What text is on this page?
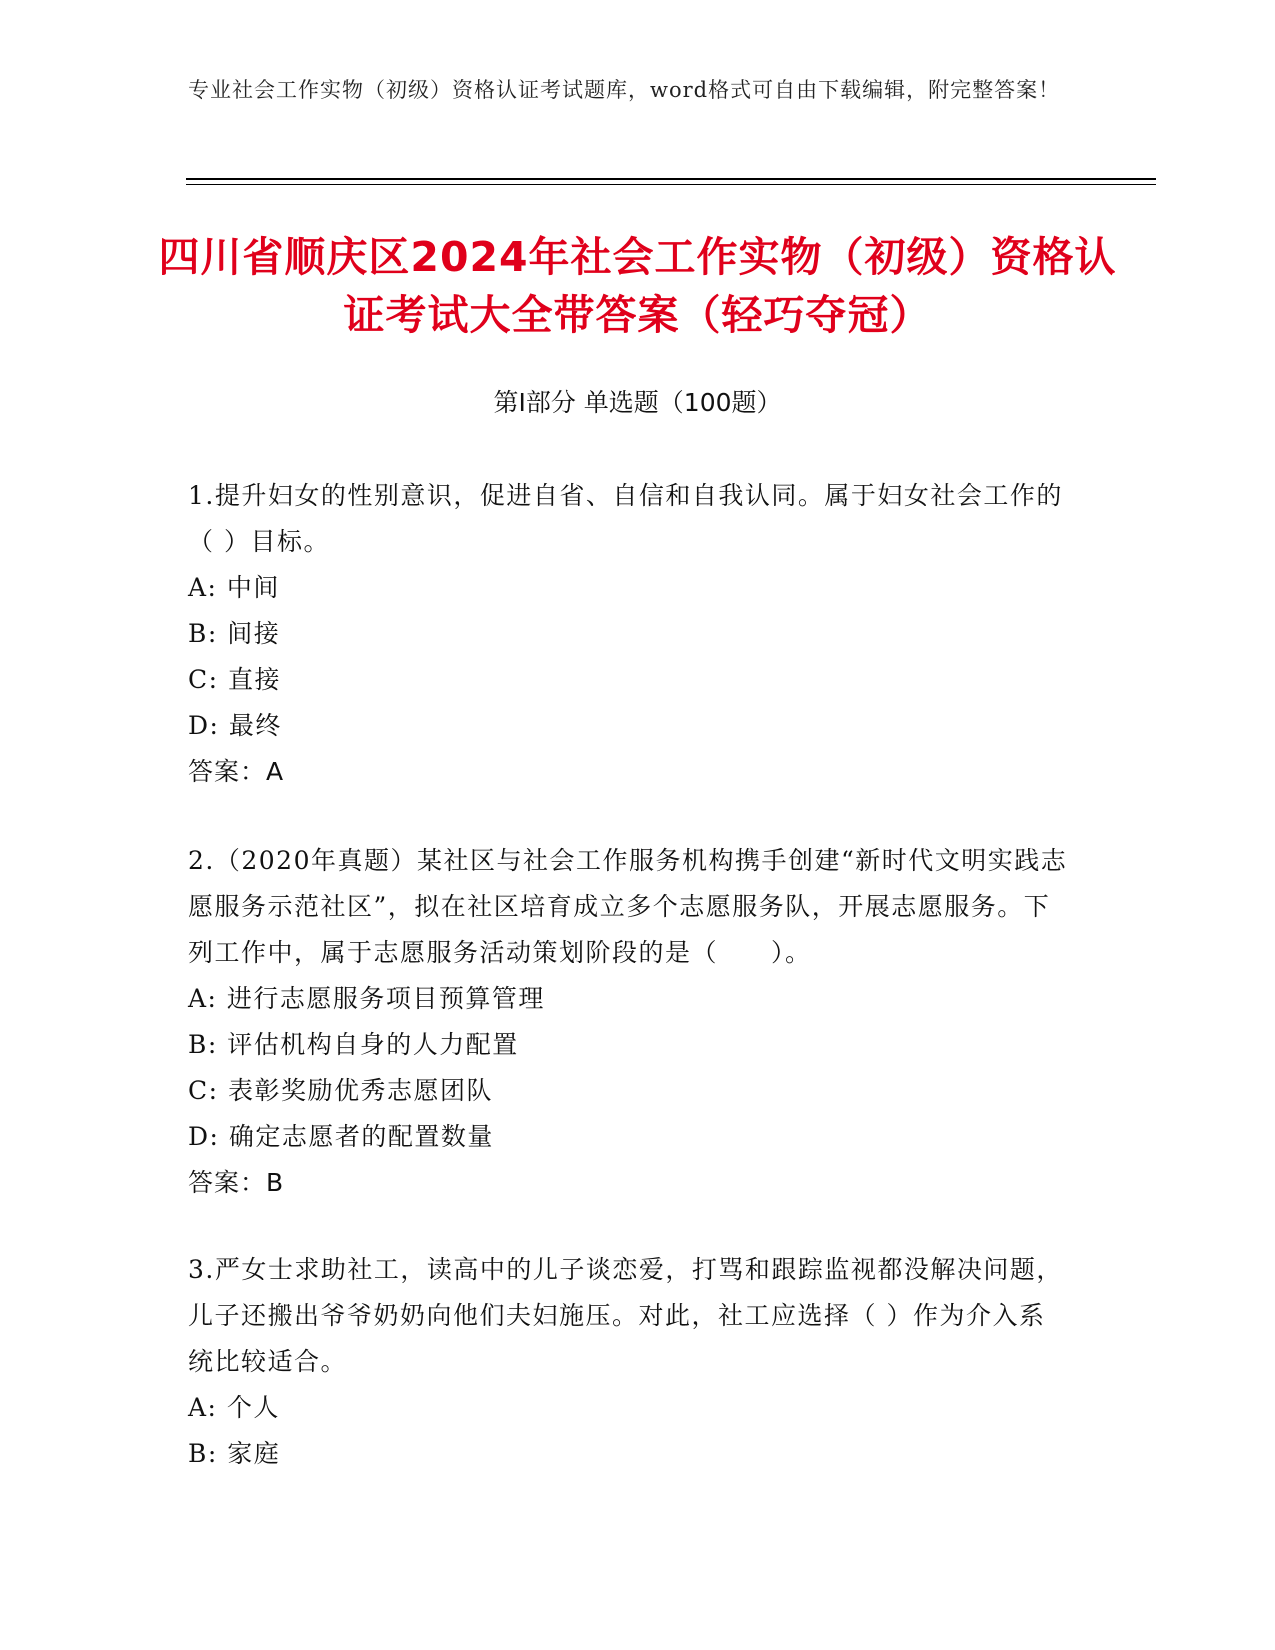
专业社会工作实物（初级）资格认证考试题库，word格式可自由下载编辑，附完整答案！
四川省顺庆区2024年社会工作实物（初级）资格认证考试大全带答案（轻巧夺冠）
第I部分 单选题（100题）

1.提升妇女的性别意识，促进自省、自信和自我认同。属于妇女社会工作的（ ）目标。

A: 中间

B: 间接

C: 直接

D: 最终

答案：A

2.（2020年真题）某社区与社会工作服务机构携手创建“新时代文明实践志愿服务示范社区”，拟在社区培育成立多个志愿服务队，开展志愿服务。下列工作中，属于志愿服务活动策划阶段的是（　　）。

A: 进行志愿服务项目预算管理

B: 评估机构自身的人力配置

C: 表彰奖励优秀志愿团队

D: 确定志愿者的配置数量

答案：B

3.严女士求助社工，读高中的儿子谈恋爱，打骂和跟踪监视都没解决问题，儿子还搬出爷爷奶奶向他们夫妇施压。对此，社工应选择（ ）作为介入系统比较适合。

A: 个人

B: 家庭
